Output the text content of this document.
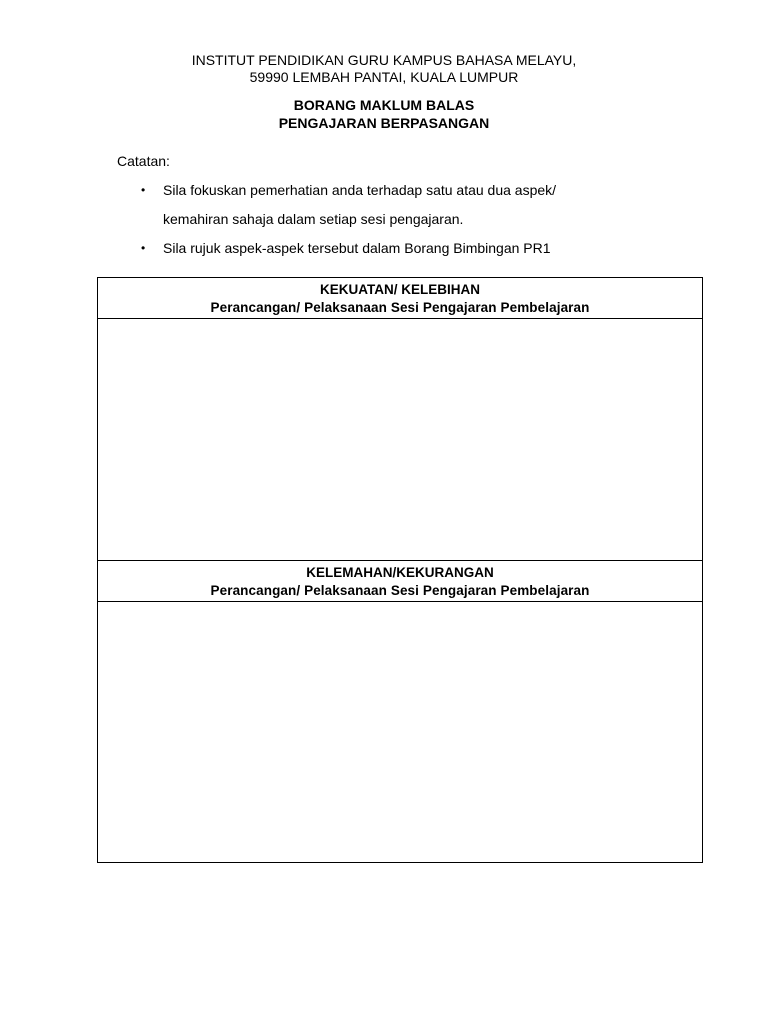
INSTITUT PENDIDIKAN GURU KAMPUS BAHASA MELAYU,
59990 LEMBAH PANTAI, KUALA LUMPUR
BORANG MAKLUM BALAS
PENGAJARAN BERPASANGAN
Catatan:
• Sila fokuskan pemerhatian anda terhadap satu atau dua aspek/
kemahiran sahaja dalam setiap sesi pengajaran.
• Sila rujuk aspek-aspek tersebut dalam Borang Bimbingan PR1
KEKUATAN/ KELEBIHAN
Perancangan/ Pelaksanaan Sesi Pengajaran Pembelajaran
KELEMAHAN/KEKURANGAN
Perancangan/ Pelaksanaan Sesi Pengajaran Pembelajaran
